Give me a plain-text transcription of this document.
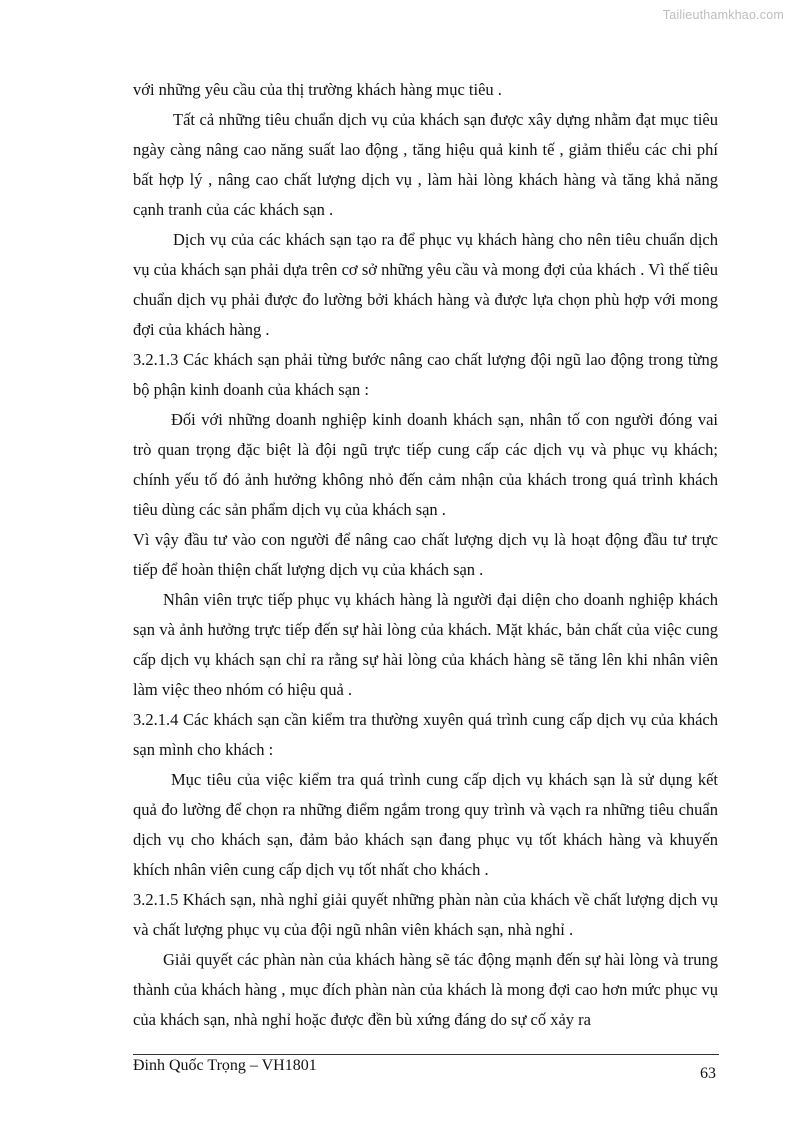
Tailieuthamkhao.com

với những yêu cầu của thị trường khách hàng mục tiêu .

Tất cả những tiêu chuẩn dịch vụ của khách sạn được xây dựng nhằm đạt mục tiêu ngày càng nâng cao năng suất lao động , tăng hiệu quả kinh tế , giảm thiểu các chi phí bất hợp lý , nâng cao chất lượng dịch vụ , làm hài lòng khách hàng và tăng khả năng cạnh tranh của các khách sạn .

Dịch vụ của các khách sạn tạo ra để phục vụ khách hàng cho nên tiêu chuẩn dịch vụ của khách sạn phải dựa trên cơ sở những yêu cầu và mong đợi của khách . Vì thế tiêu chuẩn dịch vụ phải được đo lường bởi khách hàng và được lựa chọn phù hợp với mong đợi của khách hàng .

3.2.1.3 Các khách sạn phải từng bước nâng cao chất lượng đội ngũ lao động trong từng bộ phận kinh doanh của khách sạn :

Đối với những doanh nghiệp kinh doanh khách sạn, nhân tố con người đóng vai trò quan trọng đặc biệt là đội ngũ trực tiếp cung cấp các dịch vụ và phục vụ khách; chính yếu tố đó ảnh hưởng không nhỏ đến cảm nhận của khách trong quá trình khách tiêu dùng các sản phẩm dịch vụ của khách sạn .

Vì vậy đầu tư vào con người để nâng cao chất lượng dịch vụ là hoạt động đầu tư trực tiếp để hoàn thiện chất lượng dịch vụ của khách sạn .

Nhân viên trực tiếp phục vụ khách hàng là người đại diện cho doanh nghiệp khách sạn và ảnh hưởng trực tiếp đến sự hài lòng của khách. Mặt khác, bản chất của việc cung cấp dịch vụ khách sạn chỉ ra rằng sự hài lòng của khách hàng sẽ tăng lên khi nhân viên làm việc theo nhóm có hiệu quả .

3.2.1.4 Các khách sạn cần kiểm tra thường xuyên quá trình cung cấp dịch vụ của khách sạn mình cho khách :

Mục tiêu của việc kiểm tra quá trình cung cấp dịch vụ khách sạn là sử dụng kết quả đo lường để chọn ra những điểm ngắm trong quy trình và vạch ra những tiêu chuẩn dịch vụ cho khách sạn, đảm bảo khách sạn đang phục vụ tốt khách hàng và khuyến khích nhân viên cung cấp dịch vụ tốt nhất cho khách .

3.2.1.5 Khách sạn, nhà nghỉ giải quyết những phàn nàn của khách về chất lượng dịch vụ và chất lượng phục vụ của đội ngũ nhân viên khách sạn, nhà nghỉ .

Giải quyết các phàn nàn của khách hàng sẽ tác động mạnh đến sự hài lòng và trung thành của khách hàng , mục đích phàn nàn của khách là mong đợi cao hơn mức phục vụ của khách sạn, nhà nghỉ hoặc được đền bù xứng đáng do sự cố xảy ra

Đinh Quốc Trọng – VH1801	63
